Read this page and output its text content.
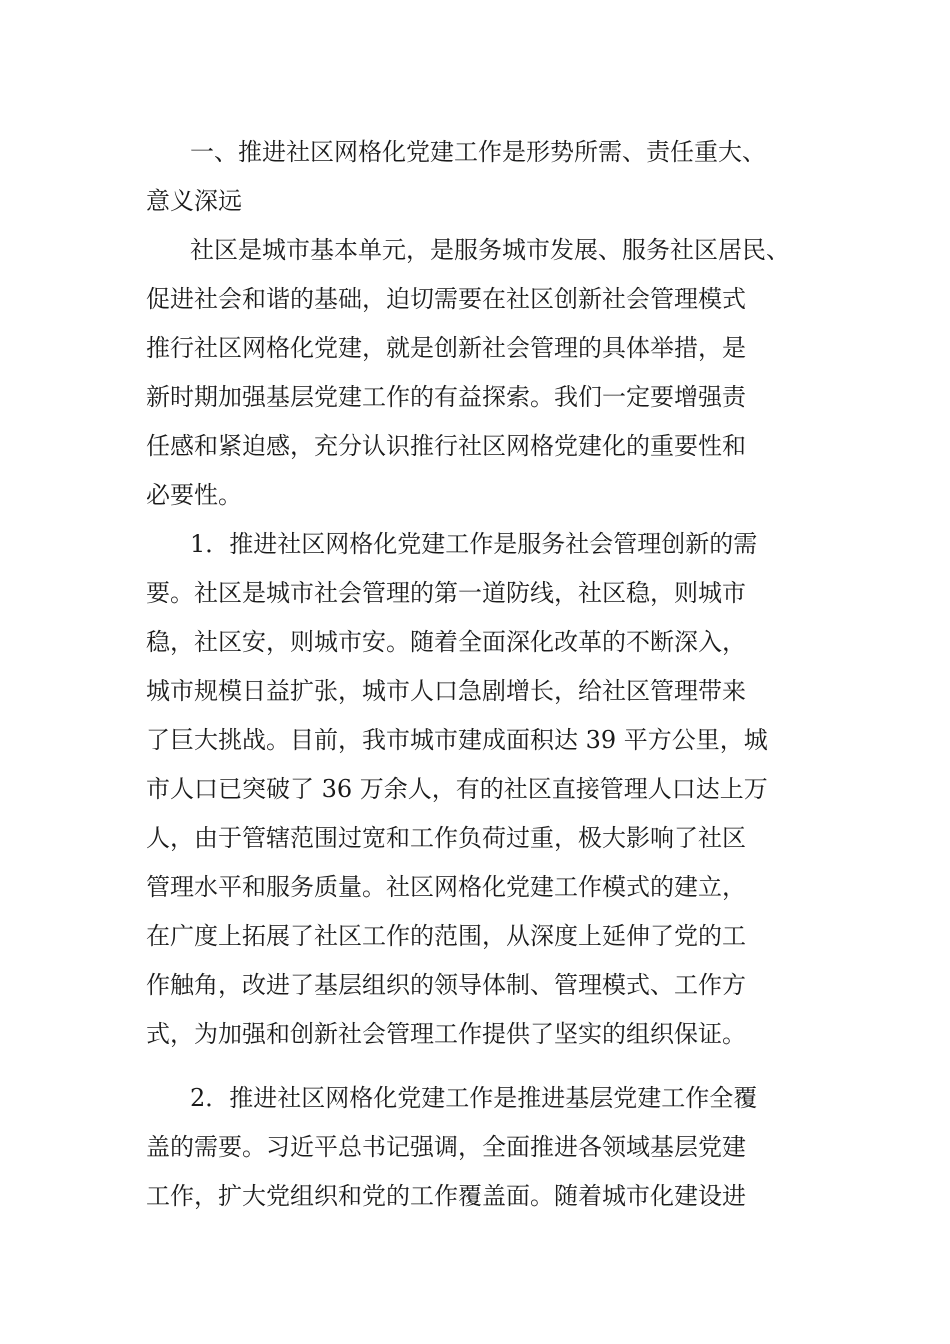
一、推进社区网格化党建工作是形势所需、责任重大、

意义深远

社区是城市基本单元，是服务城市发展、服务社区居民、

促进社会和谐的基础，迫切需要在社区创新社会管理模式

推行社区网格化党建，就是创新社会管理的具体举措，是

新时期加强基层党建工作的有益探索。我们一定要增强责

任感和紧迫感，充分认识推行社区网格党建化的重要性和

必要性。

1．推进社区网格化党建工作是服务社会管理创新的需

要。社区是城市社会管理的第一道防线，社区稳，则城市

稳，社区安，则城市安。随着全面深化改革的不断深入，

城市规模日益扩张，城市人口急剧增长，给社区管理带来

了巨大挑战。目前，我市城市建成面积达 39 平方公里，城

市人口已突破了 36 万余人，有的社区直接管理人口达上万

人，由于管辖范围过宽和工作负荷过重，极大影响了社区

管理水平和服务质量。社区网格化党建工作模式的建立，

在广度上拓展了社区工作的范围，从深度上延伸了党的工

作触角，改进了基层组织的领导体制、管理模式、工作方

式，为加强和创新社会管理工作提供了坚实的组织保证。

2．推进社区网格化党建工作是推进基层党建工作全覆

盖的需要。习近平总书记强调，全面推进各领域基层党建

工作，扩大党组织和党的工作覆盖面。随着城市化建设进
